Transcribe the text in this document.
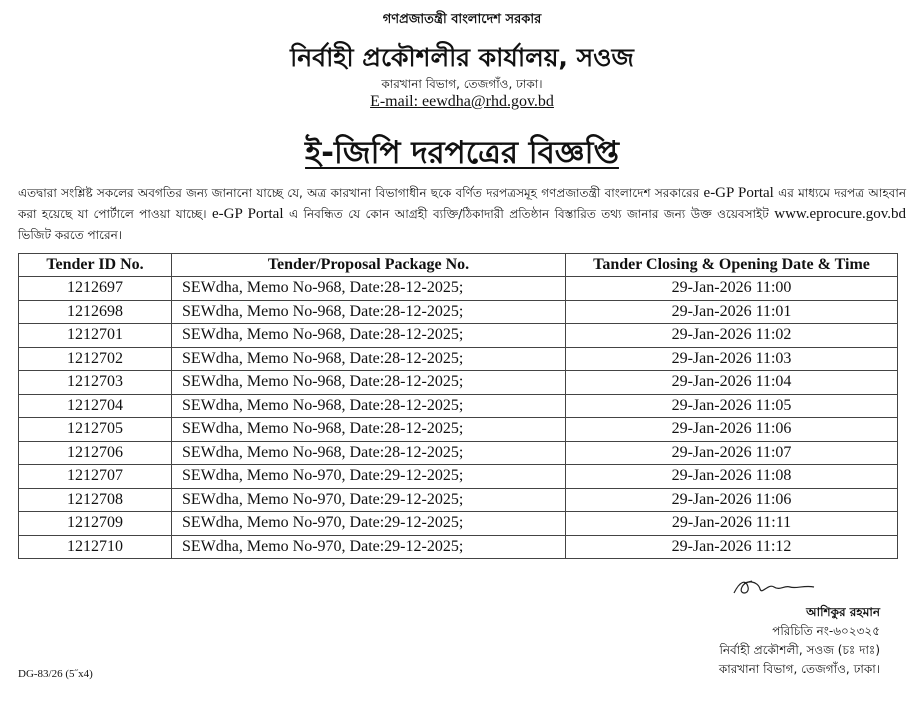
গণপ্রজাতন্ত্রী বাংলাদেশ সরকার
নির্বাহী প্রকৌশলীর কার্যালয়, সওজ
কারখানা বিভাগ, তেজগাঁও, ঢাকা।
E-mail: eewdha@rhd.gov.bd
ই-জিপি দরপত্রের বিজ্ঞপ্তি

এতদ্বারা সংশ্লিষ্ট সকলের অবগতির জন্য জানানো যাচ্ছে যে, অত্র কারখানা বিভাগাধীন ছকে বর্ণিত দরপত্রসমূহ গণপ্রজাতন্ত্রী বাংলাদেশ সরকারের e-GP Portal এর মাধ্যমে দরপত্র আহবান করা হয়েছে যা পোর্টালে পাওয়া যাচ্ছে। e-GP Portal এ নিবন্ধিত যে কোন আগ্রহী ব্যক্তি/ঠিকাদারী প্রতিষ্ঠান বিস্তারিত তথ্য জানার জন্য উক্ত ওয়েবসাইট www.eprocure.gov.bd ভিজিট করতে পারেন।

Tender ID No.	Tender/Proposal Package No.	Tander Closing & Opening Date & Time
1212697	SEWdha, Memo No-968, Date:28-12-2025;	29-Jan-2026 11:00
1212698	SEWdha, Memo No-968, Date:28-12-2025;	29-Jan-2026 11:01
1212701	SEWdha, Memo No-968, Date:28-12-2025;	29-Jan-2026 11:02
1212702	SEWdha, Memo No-968, Date:28-12-2025;	29-Jan-2026 11:03
1212703	SEWdha, Memo No-968, Date:28-12-2025;	29-Jan-2026 11:04
1212704	SEWdha, Memo No-968, Date:28-12-2025;	29-Jan-2026 11:05
1212705	SEWdha, Memo No-968, Date:28-12-2025;	29-Jan-2026 11:06
1212706	SEWdha, Memo No-968, Date:28-12-2025;	29-Jan-2026 11:07
1212707	SEWdha, Memo No-970, Date:29-12-2025;	29-Jan-2026 11:08
1212708	SEWdha, Memo No-970, Date:29-12-2025;	29-Jan-2026 11:06
1212709	SEWdha, Memo No-970, Date:29-12-2025;	29-Jan-2026 11:11
1212710	SEWdha, Memo No-970, Date:29-12-2025;	29-Jan-2026 11:12
আশিকুর রহমান
পরিচিতি নং-৬০২৩২৫
নির্বাহী প্রকৌশলী, সওজ (চঃ দাঃ)
কারখানা বিভাগ, তেজগাঁও, ঢাকা।
DG-83/26 (5˝x4)
